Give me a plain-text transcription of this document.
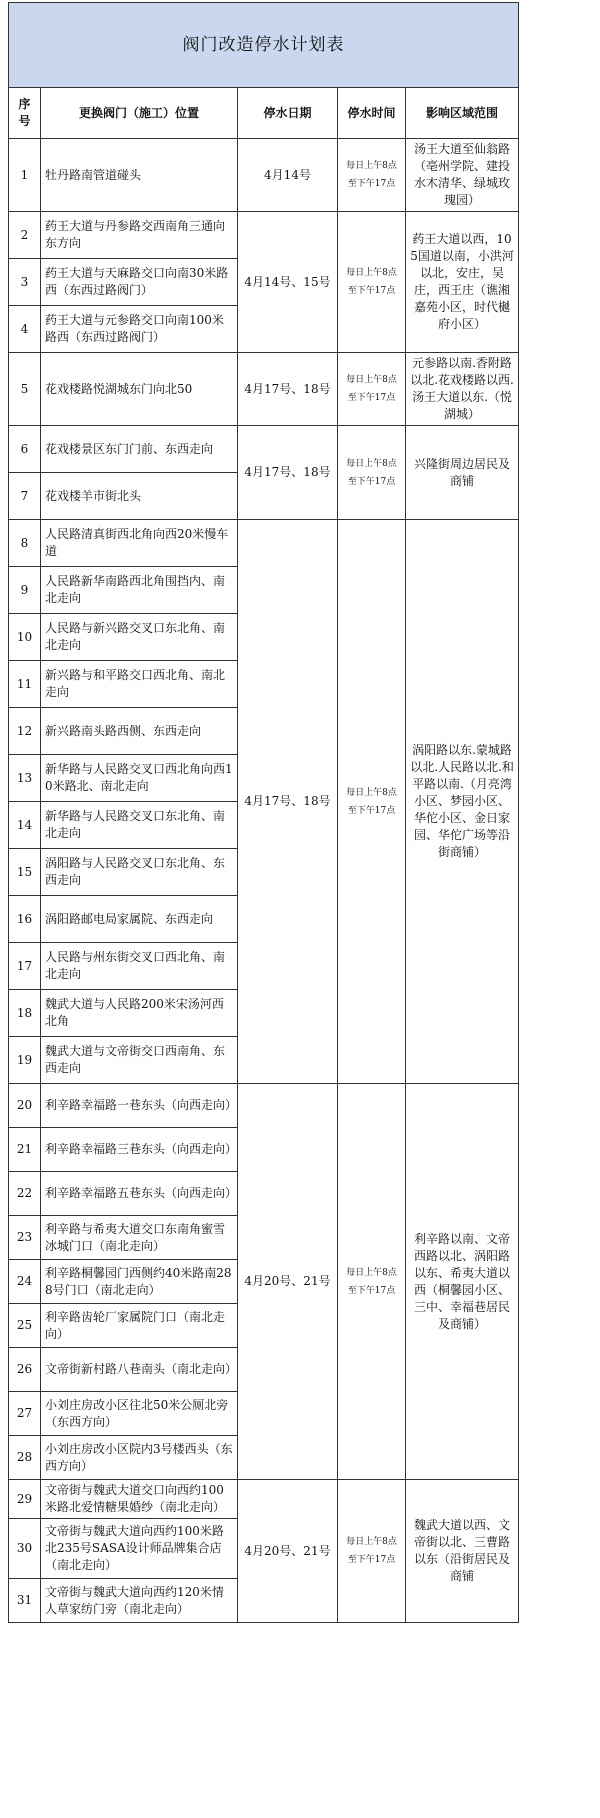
阀门改造停水计划表				
序号	更换阀门（施工）位置	停水日期	停水时间	影响区域范围
1	牡丹路南管道碰头	4月14号	每日上午8点
至下午17点	汤王大道至仙翁路（亳州学院、建投水木清华、绿城玫瑰园）
2	药王大道与丹参路交西南角三通向东方向	4月14号、15号	每日上午8点
至下午17点	药王大道以西，105国道以南，小洪河以北，安庄，吴庄，西王庄（谯湘嘉苑小区，时代樾府小区）
3	药王大道与天麻路交口向南30米路西（东西过路阀门）			
4	药王大道与元参路交口向南100米路西（东西过路阀门）			
5	花戏楼路悦湖城东门向北50	4月17号、18号	每日上午8点
至下午17点	元参路以南.香附路以北.花戏楼路以西.汤王大道以东.（悦湖城）
6	花戏楼景区东门门前、东西走向	4月17号、18号	每日上午8点
至下午17点	兴隆街周边居民及商铺
7	花戏楼羊市街北头			
8	人民路清真街西北角向西20米慢车道	4月17号、18号	每日上午8点
至下午17点	涡阳路以东.蒙城路以北.人民路以北.和平路以南.（月亮湾小区、梦园小区、华佗小区、金日家园、华佗广场等沿街商铺）
9	人民路新华南路西北角围挡内、南北走向			
10	人民路与新兴路交叉口东北角、南北走向			
11	新兴路与和平路交口西北角、南北走向			
12	新兴路南头路西侧、东西走向			
13	新华路与人民路交叉口西北角向西10米路北、南北走向			
14	新华路与人民路交叉口东北角、南北走向			
15	涡阳路与人民路交叉口东北角、东西走向			
16	涡阳路邮电局家属院、东西走向			
17	人民路与州东街交叉口西北角、南北走向			
18	魏武大道与人民路200米宋汤河西北角			
19	魏武大道与文帝街交口西南角、东西走向			
20	利辛路幸福路一巷东头（向西走向）	4月20号、21号	每日上午8点
至下午17点	利辛路以南、文帝西路以北、涡阳路以东、希夷大道以西（桐馨园小区、三中、幸福巷居民及商铺）
21	利辛路幸福路三巷东头（向西走向）			
22	利辛路幸福路五巷东头（向西走向）			
23	利辛路与希夷大道交口东南角蜜雪冰城门口（南北走向）			
24	利辛路桐馨园门西侧约40米路南288号门口（南北走向）			
25	利辛路齿轮厂家属院门口（南北走向）			
26	文帝街新村路八巷南头（南北走向）			
27	小刘庄房改小区往北50米公厕北旁（东西方向）			
28	小刘庄房改小区院内3号楼西头（东西方向）			
29	文帝街与魏武大道交口向西约100米路北爱情糖果婚纱（南北走向）	4月20号、21号	每日上午8点
至下午17点	魏武大道以西、文帝街以北、三曹路以东（沿街居民及商铺
30	文帝街与魏武大道向西约100米路北235号SASA设计师品牌集合店（南北走向）			
31	文帝街与魏武大道向西约120米情人草家纺门旁（南北走向）			
